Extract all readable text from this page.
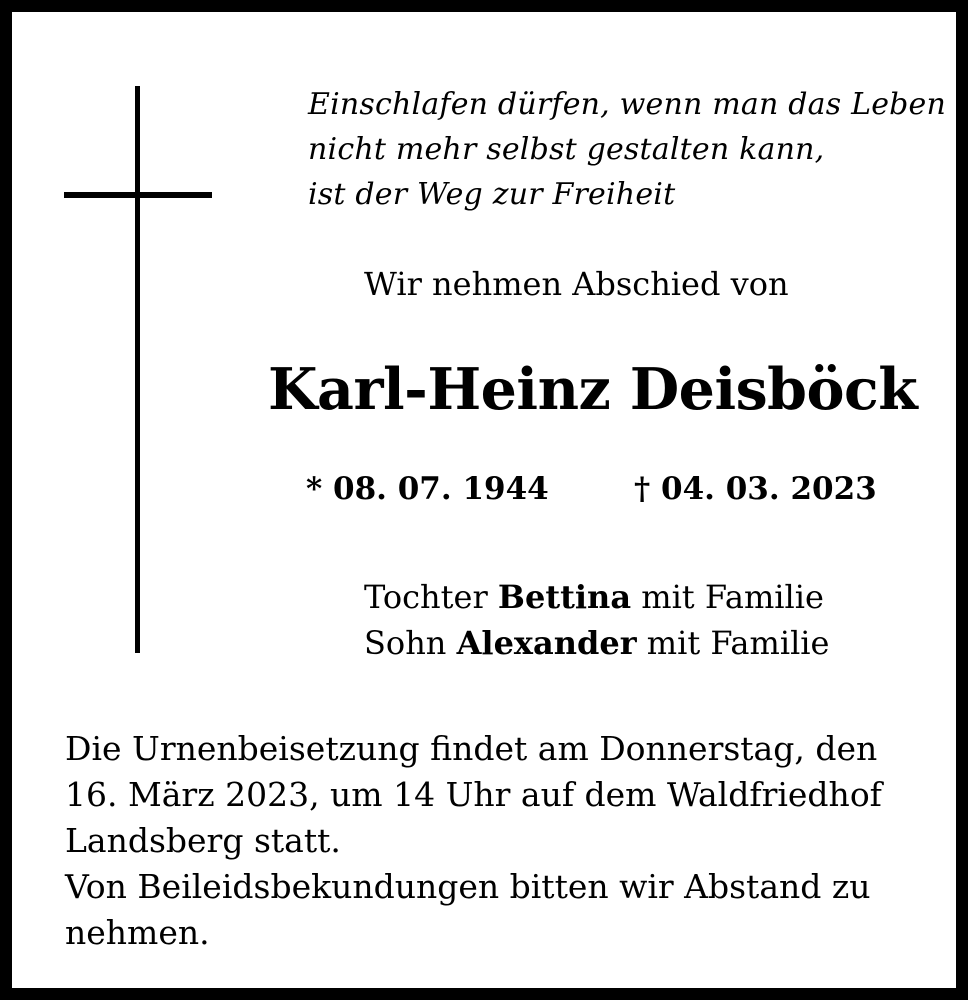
Einschlafen dürfen, wenn man das Leben
nicht mehr selbst gestalten kann,
ist der Weg zur Freiheit
Wir nehmen Abschied von
Karl-Heinz Deisböck
* 08. 07. 1944	† 04. 03. 2023
Tochter Bettina mit Familie
Sohn Alexander mit Familie
Die Urnenbeisetzung findet am Donnerstag, den
16. März 2023, um 14 Uhr auf dem Waldfriedhof
Landsberg statt.
Von Beileidsbekundungen bitten wir Abstand zu
nehmen.
